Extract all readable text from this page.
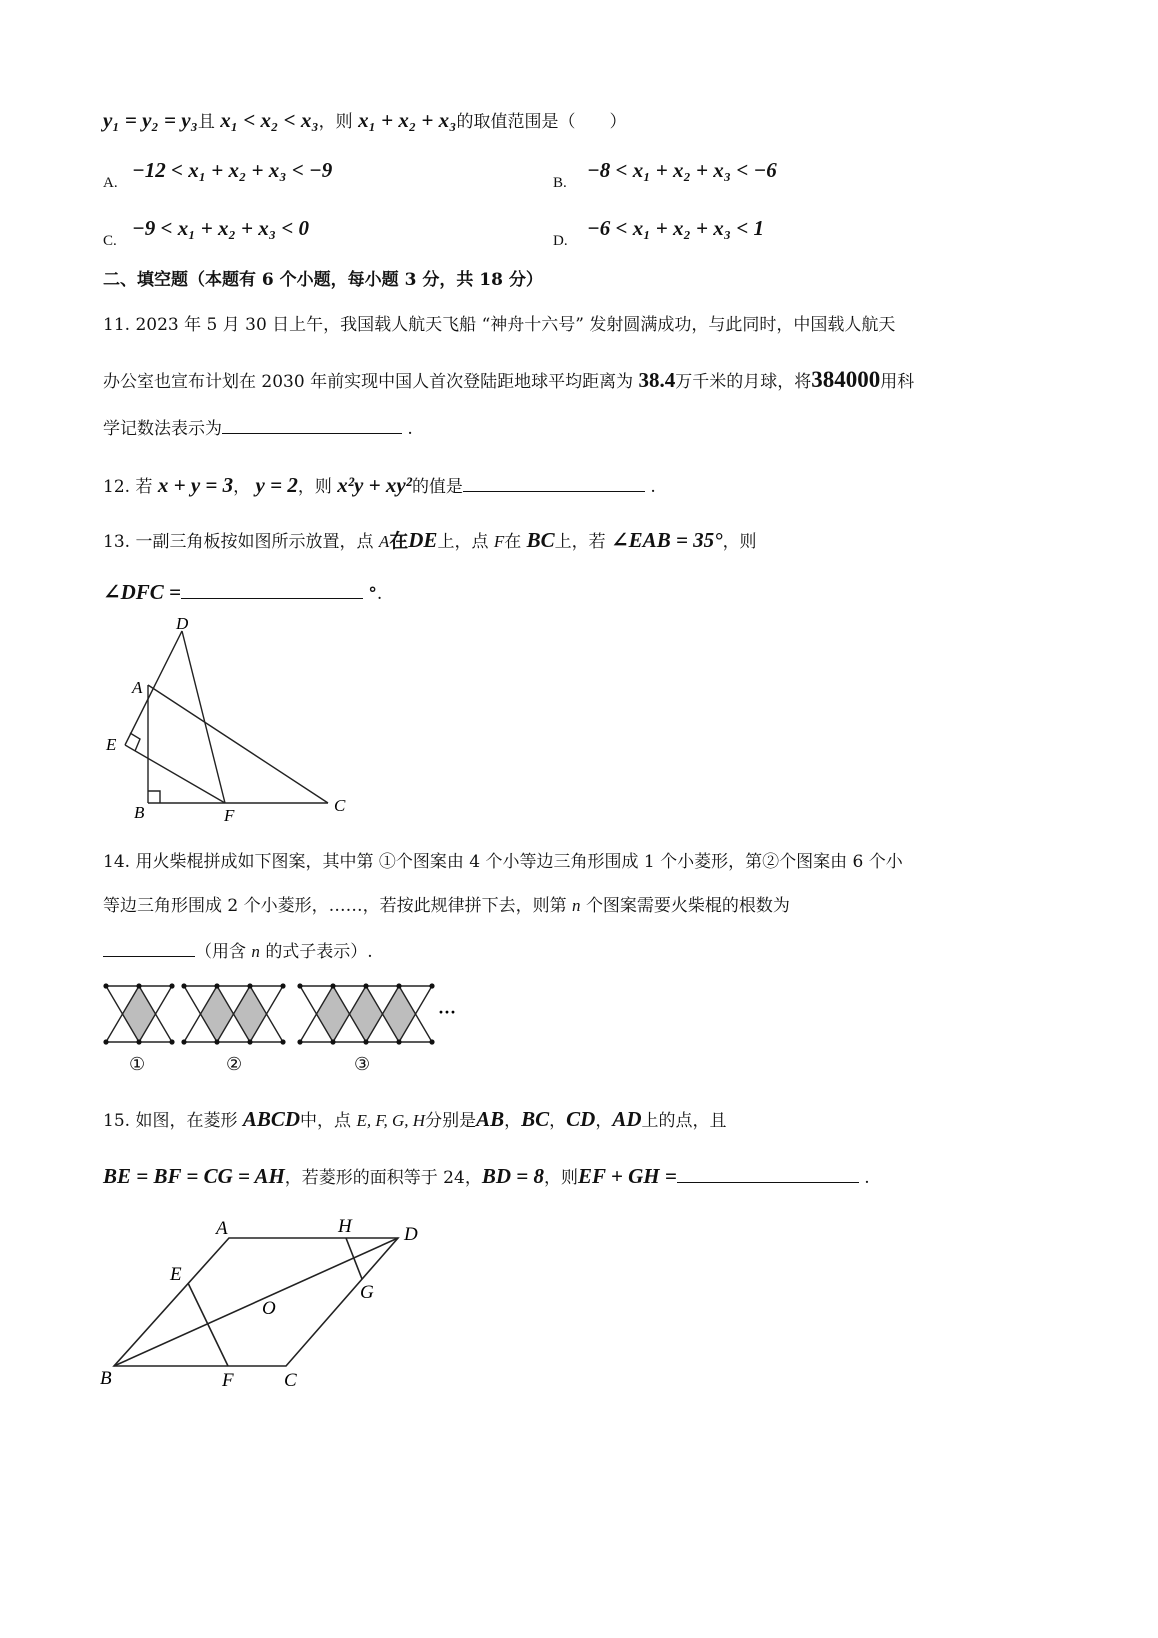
y₁ = y₂ = y₃且 x₁ < x₂ < x₃，则 x₁ + x₂ + x₃的取值范围是（　　）
A.
−12 < x₁ + x₂ + x₃ < −9
B.
−8 < x₁ + x₂ + x₃ < −6
C.
−9 < x₁ + x₂ + x₃ < 0
D.
−6 < x₁ + x₂ + x₃ < 1
二、填空题（本题有 6 个小题，每小题 3 分，共 18 分）
11. 2023 年 5 月 30 日上午，我国载人航天飞船 “神舟十六号” 发射圆满成功，与此同时，中国载人航天
办公室也宣布计划在 2030 年前实现中国人首次登陆距地球平均距离为 38.4万千米的月球，将384000用科
学记数法表示为	.
12. 若 x + y = 3， y = 2，则 x²y + xy²的值是	.
13. 一副三角板按如图所示放置，点 A在DE上，点 F在 BC上，若 ∠EAB = 35°，则
∠DFC =	°.
D
A
E
B	F
C
14. 用火柴棍拼成如下图案，其中第 ①个图案由 4 个小等边三角形围成 1 个小菱形，第②个图案由 6 个小
等边三角形围成 2 个小菱形，……，若按此规律拼下去，则第 n 个图案需要火柴棍的根数为
（用含 n 的式子表示）.
···
①	②	③
15. 如图，在菱形 ABCD中，点 E, F, G, H分别是AB，BC，CD，AD上的点，且
BE = BF = CG = AH，若菱形的面积等于 24，BD = 8，则EF + GH =	.
A	H	D
E
G
O
B	F	C
